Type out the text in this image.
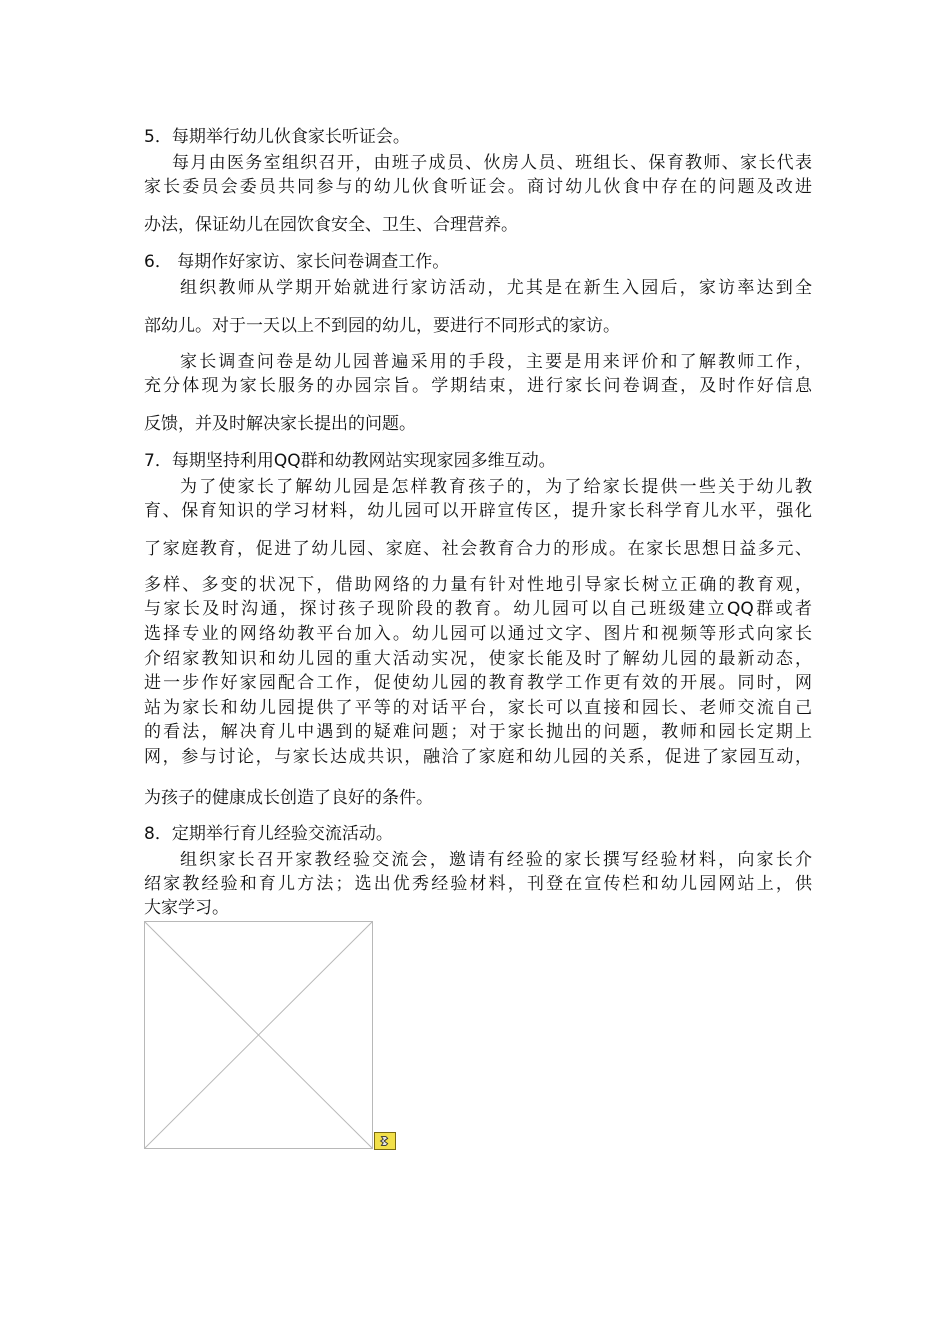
5．每期举行幼儿伙食家长听证会。
每月由医务室组织召开，由班子成员、伙房人员、班组长、保育教师、家长代表
家长委员会委员共同参与的幼儿伙食听证会。商讨幼儿伙食中存在的问题及改进
办法，保证幼儿在园饮食安全、卫生、合理营养。
6． 每期作好家访、家长问卷调查工作。
组织教师从学期开始就进行家访活动，尤其是在新生入园后，家访率达到全
部幼儿。对于一天以上不到园的幼儿，要进行不同形式的家访。
家长调查问卷是幼儿园普遍采用的手段，主要是用来评价和了解教师工作，
充分体现为家长服务的办园宗旨。学期结束，进行家长问卷调查，及时作好信息
反馈，并及时解决家长提出的问题。
7．每期坚持利用QQ群和幼教网站实现家园多维互动。
为了使家长了解幼儿园是怎样教育孩子的，为了给家长提供一些关于幼儿教
育、保育知识的学习材料，幼儿园可以开辟宣传区，提升家长科学育儿水平，强化
了家庭教育，促进了幼儿园、家庭、社会教育合力的形成。在家长思想日益多元、
多样、多变的状况下，借助网络的力量有针对性地引导家长树立正确的教育观，
与家长及时沟通，探讨孩子现阶段的教育。幼儿园可以自己班级建立QQ群或者
选择专业的网络幼教平台加入。幼儿园可以通过文字、图片和视频等形式向家长
介绍家教知识和幼儿园的重大活动实况，使家长能及时了解幼儿园的最新动态，
进一步作好家园配合工作，促使幼儿园的教育教学工作更有效的开展。同时，网
站为家长和幼儿园提供了平等的对话平台，家长可以直接和园长、老师交流自己
的看法，解决育儿中遇到的疑难问题；对于家长抛出的问题，教师和园长定期上
网，参与讨论，与家长达成共识，融洽了家庭和幼儿园的关系，促进了家园互动，
为孩子的健康成长创造了良好的条件。
8．定期举行育儿经验交流活动。
组织家长召开家教经验交流会，邀请有经验的家长撰写经验材料，向家长介
绍家教经验和育儿方法；选出优秀经验材料，刊登在宣传栏和幼儿园网站上，供
大家学习。
